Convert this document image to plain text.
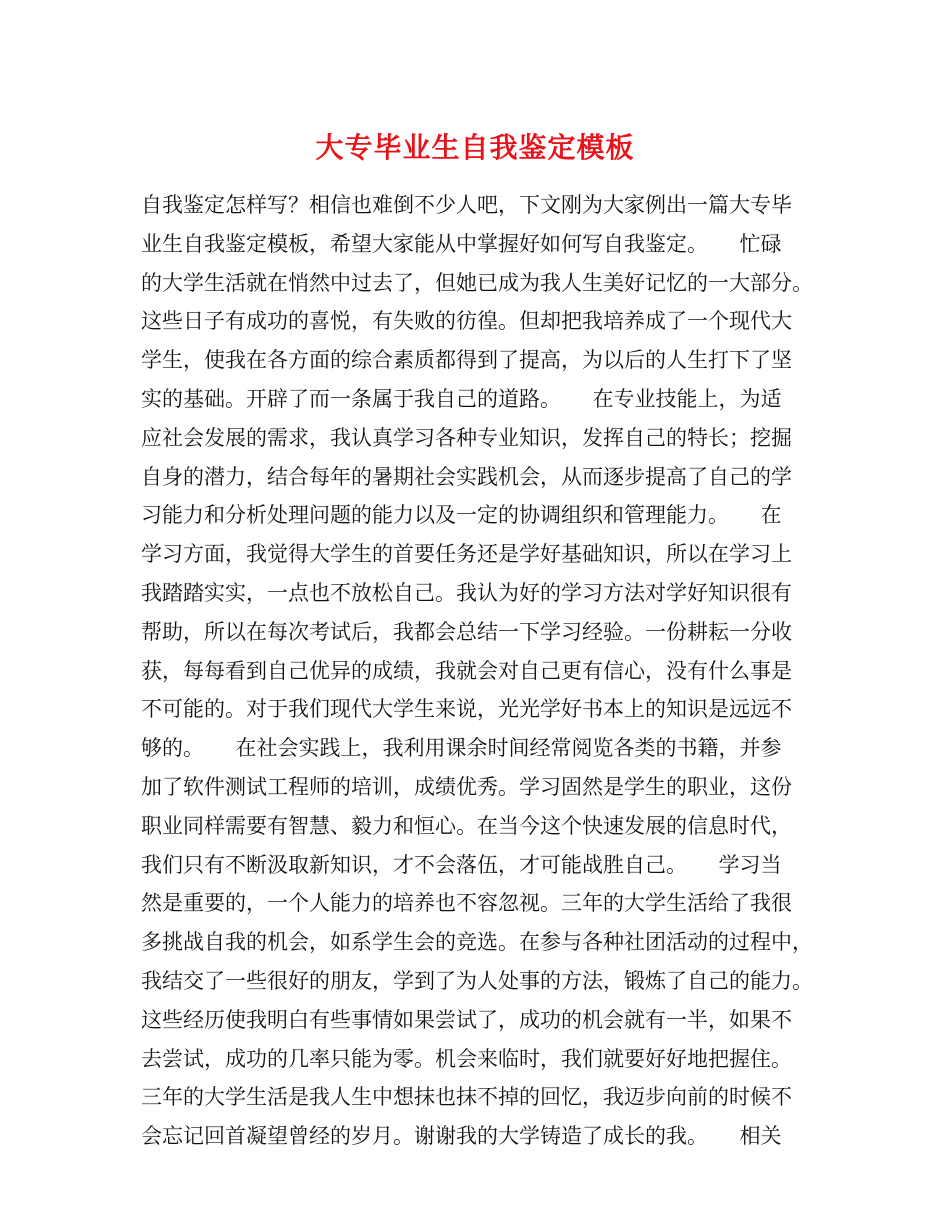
大专毕业生自我鉴定模板
自我鉴定怎样写？相信也难倒不少人吧，下文刚为大家例出一篇大专毕
业生自我鉴定模板，希望大家能从中掌握好如何写自我鉴定。　　忙碌
的大学生活就在悄然中过去了，但她已成为我人生美好记忆的一大部分。
这些日子有成功的喜悦，有失败的彷徨。但却把我培养成了一个现代大
学生，使我在各方面的综合素质都得到了提高，为以后的人生打下了坚
实的基础。开辟了而一条属于我自己的道路。　　在专业技能上，为适
应社会发展的需求，我认真学习各种专业知识，发挥自己的特长；挖掘
自身的潜力，结合每年的暑期社会实践机会，从而逐步提高了自己的学
习能力和分析处理问题的能力以及一定的协调组织和管理能力。　　在
学习方面，我觉得大学生的首要任务还是学好基础知识，所以在学习上
我踏踏实实，一点也不放松自己。我认为好的学习方法对学好知识很有
帮助，所以在每次考试后，我都会总结一下学习经验。一份耕耘一分收
获，每每看到自己优异的成绩，我就会对自己更有信心，没有什么事是
不可能的。对于我们现代大学生来说，光光学好书本上的知识是远远不
够的。　　在社会实践上，我利用课余时间经常阅览各类的书籍，并参
加了软件测试工程师的培训，成绩优秀。学习固然是学生的职业，这份
职业同样需要有智慧、毅力和恒心。在当今这个快速发展的信息时代，
我们只有不断汲取新知识，才不会落伍，才可能战胜自己。　　学习当
然是重要的，一个人能力的培养也不容忽视。三年的大学生活给了我很
多挑战自我的机会，如系学生会的竞选。在参与各种社团活动的过程中，
我结交了一些很好的朋友，学到了为人处事的方法，锻炼了自己的能力。
这些经历使我明白有些事情如果尝试了，成功的机会就有一半，如果不
去尝试，成功的几率只能为零。机会来临时，我们就要好好地把握住。
三年的大学生活是我人生中想抹也抹不掉的回忆，我迈步向前的时候不
会忘记回首凝望曾经的岁月。谢谢我的大学铸造了成长的我。　　相关
